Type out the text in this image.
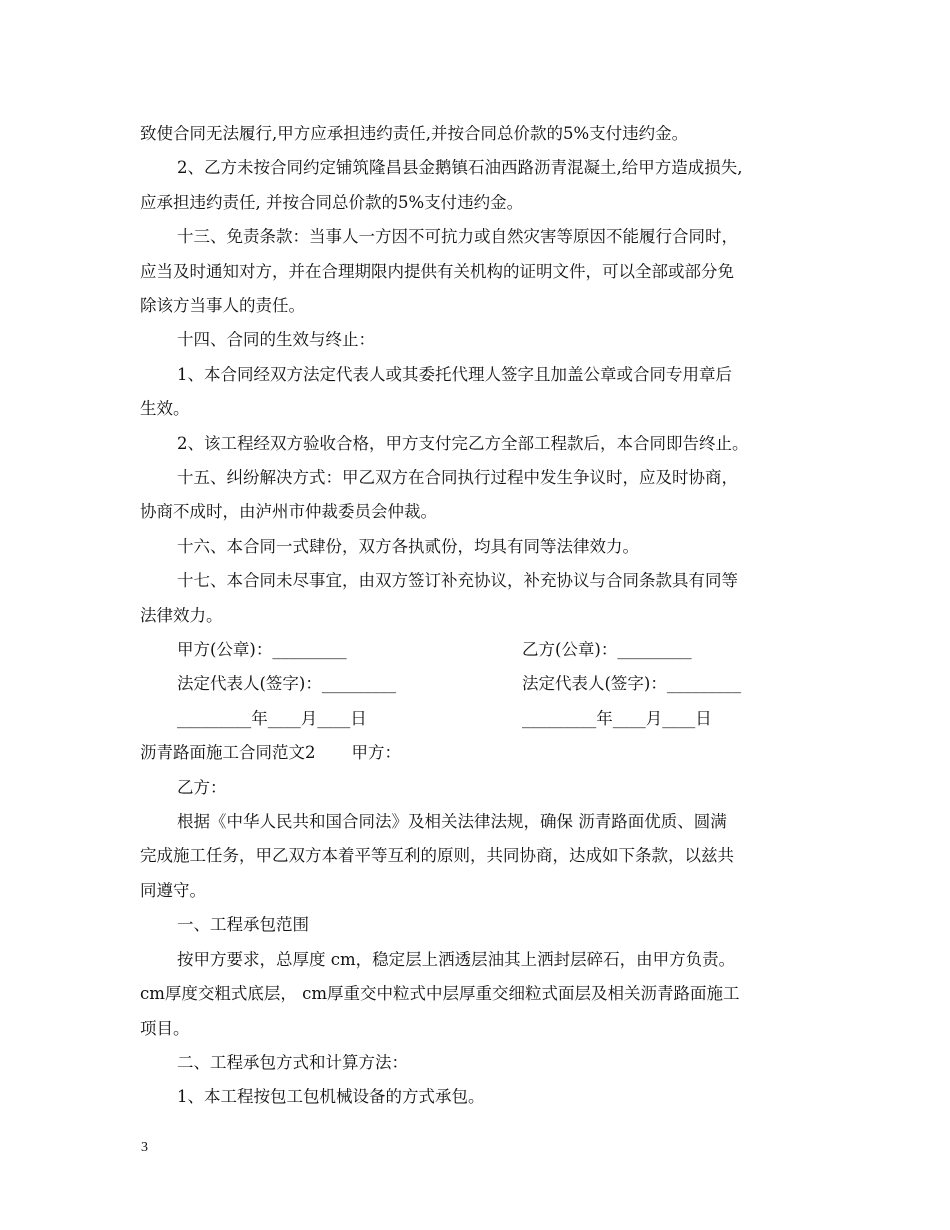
致使合同无法履行,甲方应承担违约责任,并按合同总价款的5%支付违约金。

2、乙方未按合同约定铺筑隆昌县金鹅镇石油西路沥青混凝土,给甲方造成损失,

应承担违约责任, 并按合同总价款的5%支付违约金。

十三、免责条款：当事人一方因不可抗力或自然灾害等原因不能履行合同时，

应当及时通知对方，并在合理期限内提供有关机构的证明文件，可以全部或部分免

除该方当事人的责任。

十四、合同的生效与终止：

1、本合同经双方法定代表人或其委托代理人签字且加盖公章或合同专用章后

生效。

2、该工程经双方验收合格，甲方支付完乙方全部工程款后，本合同即告终止。

十五、纠纷解决方式：甲乙双方在合同执行过程中发生争议时，应及时协商，

协商不成时，由泸州市仲裁委员会仲裁。

十六、本合同一式肆份，双方各执贰份，均具有同等法律效力。

十七、本合同未尽事宜，由双方签订补充协议，补充协议与合同条款具有同等

法律效力。

甲方(公章)：_________	乙方(公章)：_________
法定代表人(签字)：_________	法定代表人(签字)：_________
_________年____月____日	_________年____月____日

沥青路面施工合同范文2 甲方：

乙方：

根据《中华人民共和国合同法》及相关法律法规，确保 沥青路面优质、圆满

完成施工任务，甲乙双方本着平等互利的原则，共同协商，达成如下条款，以兹共

同遵守。

一、工程承包范围

按甲方要求，总厚度 cm，稳定层上洒透层油其上洒封层碎石，由甲方负责。

cm厚度交粗式底层， cm厚重交中粒式中层厚重交细粒式面层及相关沥青路面施工

项目。

二、工程承包方式和计算方法：

1、本工程按包工包机械设备的方式承包。

3
